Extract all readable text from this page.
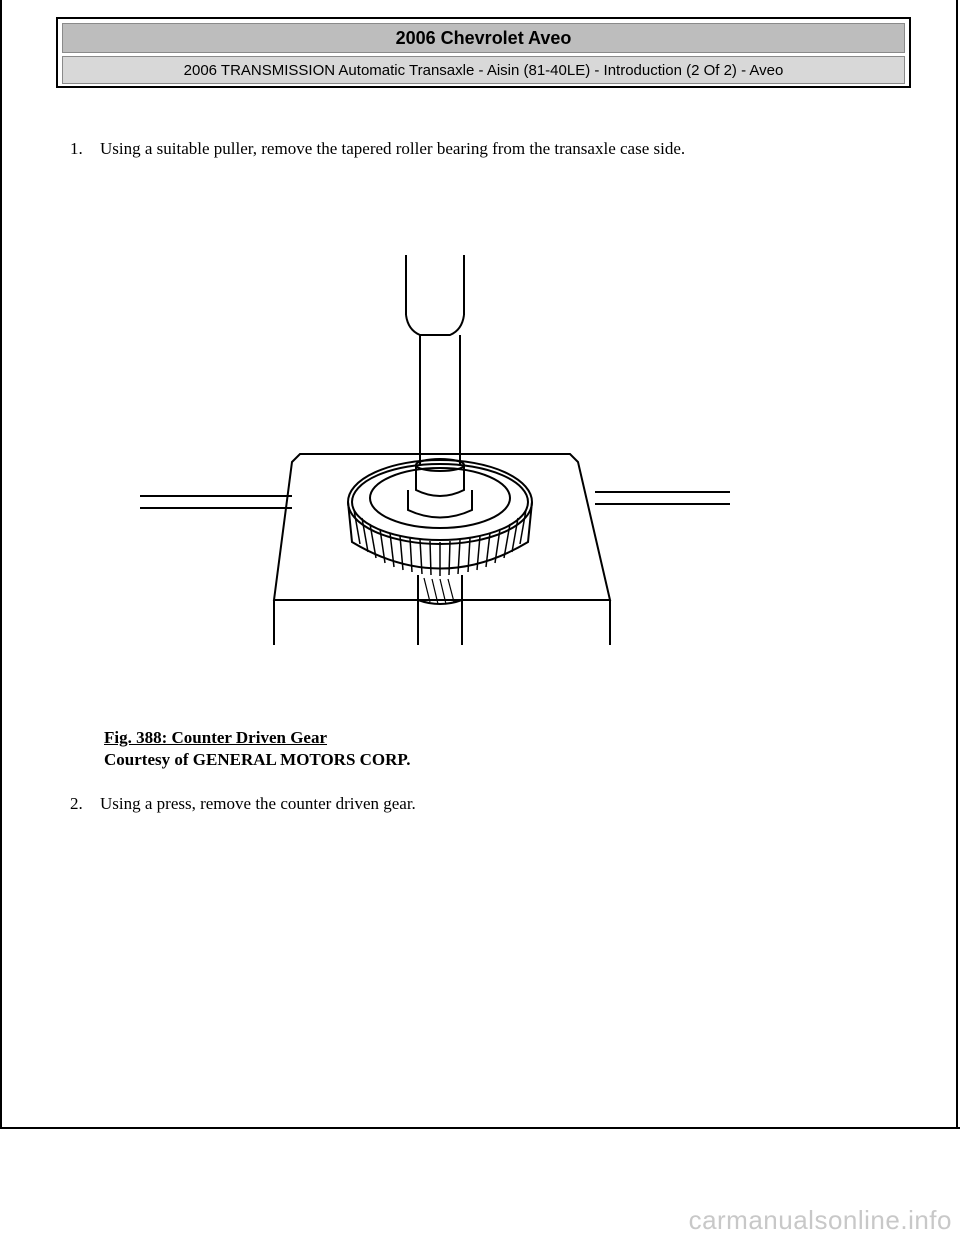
2006 Chevrolet Aveo
2006 TRANSMISSION Automatic Transaxle - Aisin (81-40LE) - Introduction (2 Of 2) - Aveo
1. Using a suitable puller, remove the tapered roller bearing from the transaxle case side.
Fig. 388: Counter Driven Gear
Courtesy of GENERAL MOTORS CORP.
2. Using a press, remove the counter driven gear.
carmanualsonline.info
